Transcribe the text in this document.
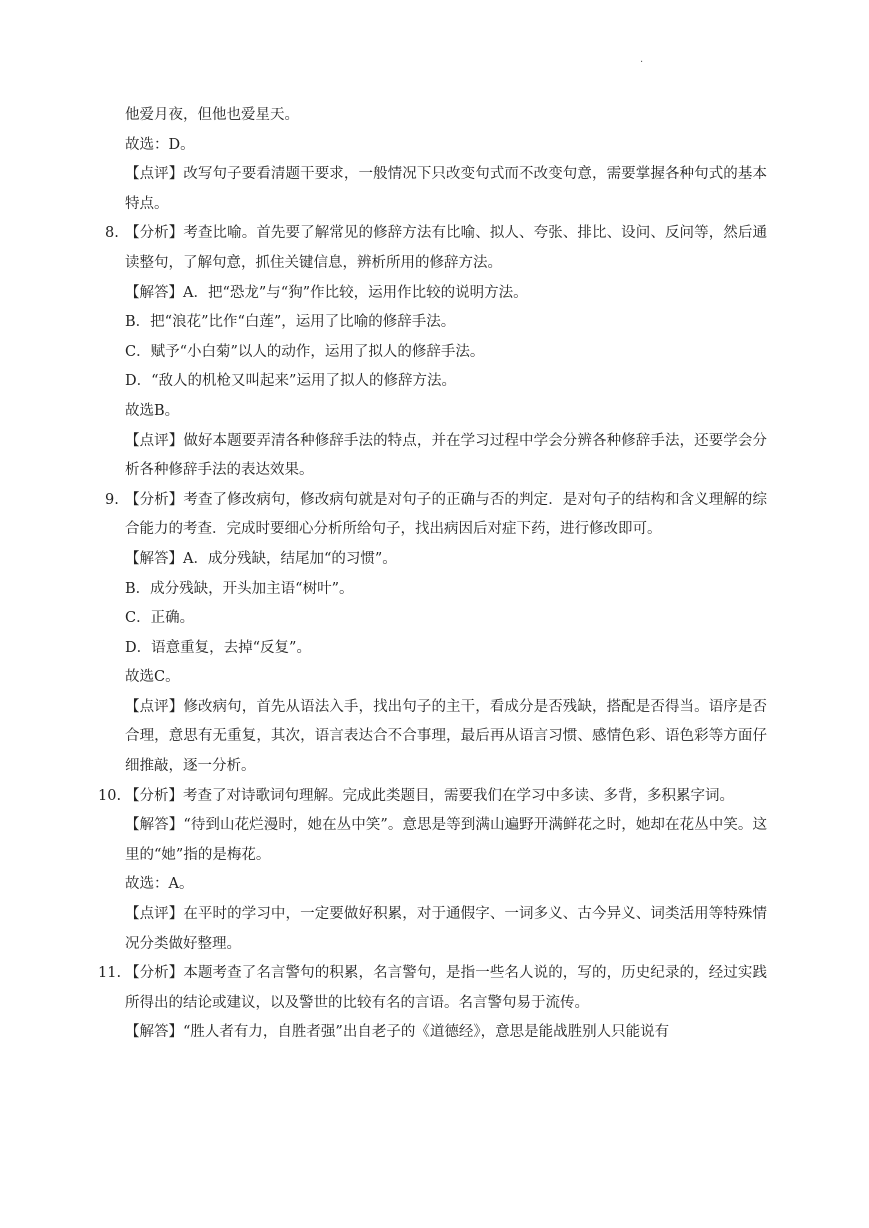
.

他爱月夜，但他也爱星天。

故选：D。

【点评】改写句子要看清题干要求，一般情况下只改变句式而不改变句意，需要掌握各种句式的基本特点。

8. 【分析】考查比喻。首先要了解常见的修辞方法有比喻、拟人、夸张、排比、设问、反问等，然后通读整句，了解句意，抓住关键信息，辨析所用的修辞方法。

【解答】A．把“恐龙”与“狗”作比较，运用作比较的说明方法。

B．把“浪花”比作“白莲”，运用了比喻的修辞手法。

C．赋予“小白菊”以人的动作，运用了拟人的修辞手法。

D．“敌人的机枪又叫起来”运用了拟人的修辞方法。

故选B。

【点评】做好本题要弄清各种修辞手法的特点，并在学习过程中学会分辨各种修辞手法，还要学会分析各种修辞手法的表达效果。

9. 【分析】考查了修改病句，修改病句就是对句子的正确与否的判定．是对句子的结构和含义理解的综合能力的考查．完成时要细心分析所给句子，找出病因后对症下药，进行修改即可。

【解答】A．成分残缺，结尾加“的习惯”。

B．成分残缺，开头加主语“树叶”。

C．正确。

D．语意重复，去掉“反复”。

故选C。

【点评】修改病句，首先从语法入手，找出句子的主干，看成分是否残缺，搭配是否得当。语序是否合理，意思有无重复，其次，语言表达合不合事理，最后再从语言习惯、感情色彩、语色彩等方面仔细推敲，逐一分析。

10. 【分析】考查了对诗歌词句理解。完成此类题目，需要我们在学习中多读、多背，多积累字词。

【解答】“待到山花烂漫时，她在丛中笑”。意思是等到满山遍野开满鲜花之时，她却在花丛中笑。这里的“她”指的是梅花。

故选：A。

【点评】在平时的学习中，一定要做好积累，对于通假字、一词多义、古今异义、词类活用等特殊情况分类做好整理。

11. 【分析】本题考查了名言警句的积累，名言警句，是指一些名人说的，写的，历史纪录的，经过实践所得出的结论或建议，以及警世的比较有名的言语。名言警句易于流传。

【解答】“胜人者有力，自胜者强”出自老子的《道德经》，意思是能战胜别人只能说有
